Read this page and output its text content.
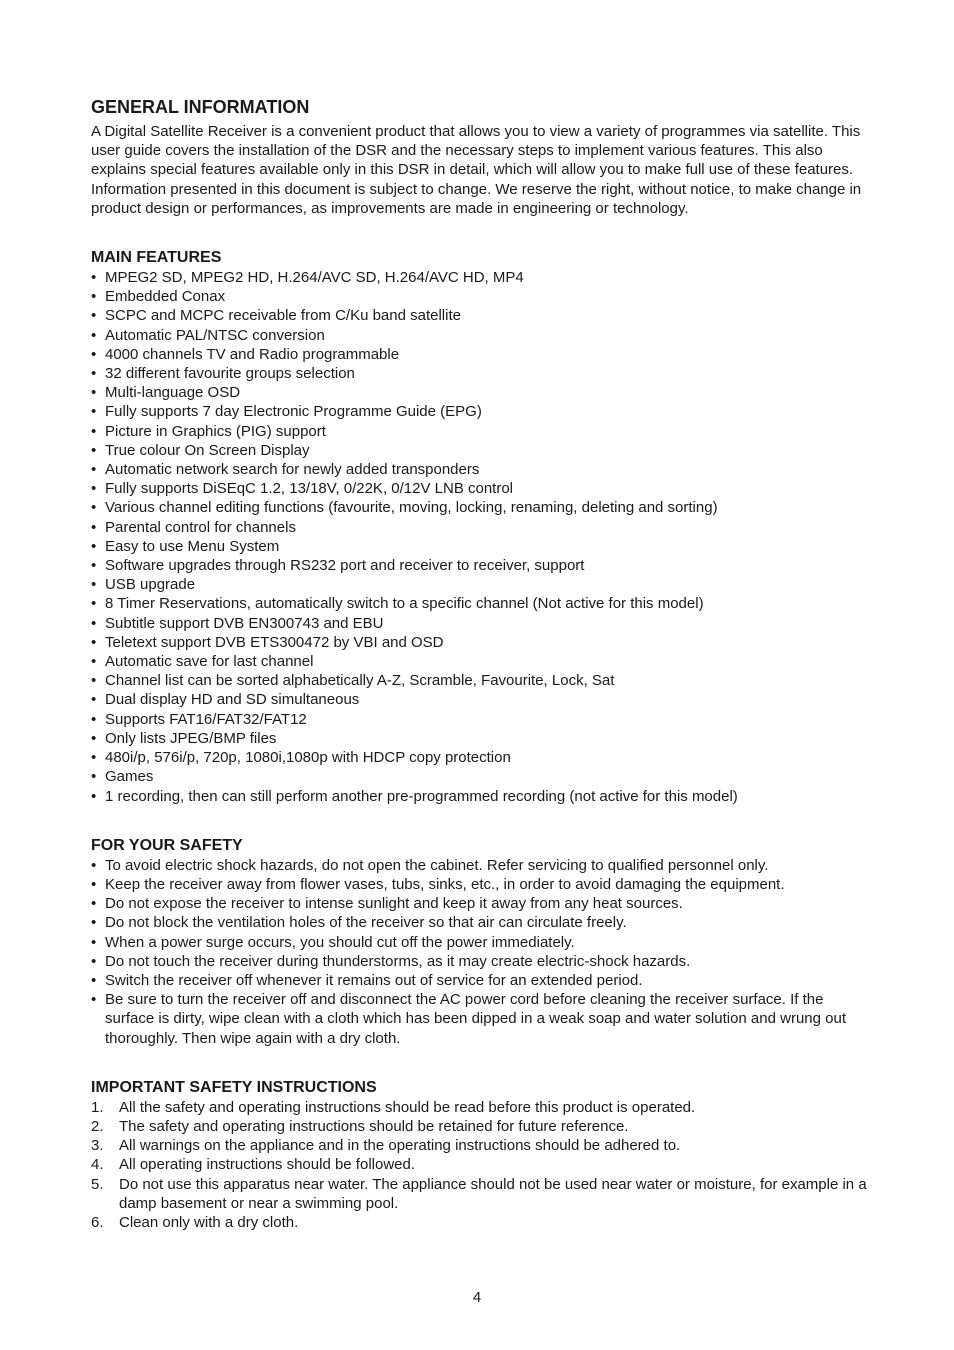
GENERAL INFORMATION

A Digital Satellite Receiver is a convenient product that allows you to view a variety of programmes via satellite. This user guide covers the installation of the DSR and the necessary steps to implement various features. This also explains special features available only in this DSR in detail, which will allow you to make full use of these features. Information presented in this document is subject to change. We reserve the right, without notice, to make change in product design or performances, as improvements are made in engineering or technology.

MAIN FEATURES
• MPEG2 SD, MPEG2 HD, H.264/AVC SD, H.264/AVC HD, MP4
• Embedded Conax
• SCPC and MCPC receivable from C/Ku band satellite
• Automatic PAL/NTSC conversion
• 4000 channels TV and Radio programmable
• 32 different favourite groups selection
• Multi-language OSD
• Fully supports 7 day Electronic Programme Guide (EPG)
• Picture in Graphics (PIG) support
• True colour On Screen Display
• Automatic network search for newly added transponders
• Fully supports DiSEqC 1.2, 13/18V, 0/22K, 0/12V LNB control
• Various channel editing functions (favourite, moving, locking, renaming, deleting and sorting)
• Parental control for channels
• Easy to use Menu System
• Software upgrades through RS232 port and receiver to receiver, support
• USB upgrade
• 8 Timer Reservations, automatically switch to a specific channel (Not active for this model)
• Subtitle support DVB EN300743 and EBU
• Teletext support DVB ETS300472 by VBI and OSD
• Automatic save for last channel
• Channel list can be sorted alphabetically A-Z, Scramble, Favourite, Lock, Sat
• Dual display HD and SD simultaneous
• Supports FAT16/FAT32/FAT12
• Only lists JPEG/BMP files
• 480i/p, 576i/p, 720p, 1080i,1080p with HDCP copy protection
• Games
• 1 recording, then can still perform another pre-programmed recording (not active for this model)
FOR YOUR SAFETY
• To avoid electric shock hazards, do not open the cabinet. Refer servicing to qualified personnel only.
• Keep the receiver away from flower vases, tubs, sinks, etc., in order to avoid damaging the equipment.
• Do not expose the receiver to intense sunlight and keep it away from any heat sources.
• Do not block the ventilation holes of the receiver so that air can circulate freely.
• When a power surge occurs, you should cut off the power immediately.
• Do not touch the receiver during thunderstorms, as it may create electric-shock hazards.
• Switch the receiver off whenever it remains out of service for an extended period.
• Be sure to turn the receiver off and disconnect the AC power cord before cleaning the receiver surface. If the surface is dirty, wipe clean with a cloth which has been dipped in a weak soap and water solution and wrung out thoroughly. Then wipe again with a dry cloth.
IMPORTANT SAFETY INSTRUCTIONS
1. All the safety and operating instructions should be read before this product is operated.
2. The safety and operating instructions should be retained for future reference.
3. All warnings on the appliance and in the operating instructions should be adhered to.
4. All operating instructions should be followed.
5. Do not use this apparatus near water. The appliance should not be used near water or moisture, for example in a damp basement or near a swimming pool.
6. Clean only with a dry cloth.
4
